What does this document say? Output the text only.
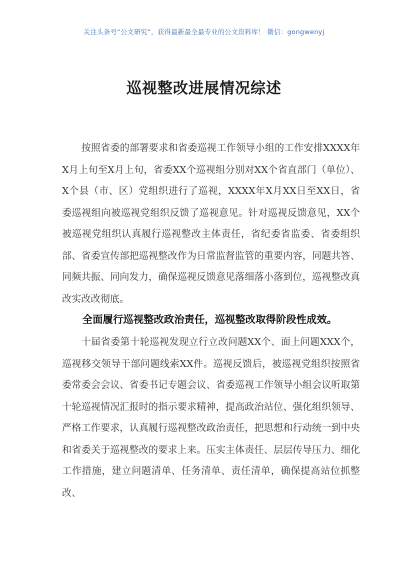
关注头条号“公文研究”，获得最新最全最专业的公文资料库！ 微信：gongwenyj
巡视整改进展情况综述

按照省委的部署要求和省委巡视工作领导小组的工作安排XXXX年X月上旬至X月上旬，省委XX个巡视组分别对XX个省直部门（单位）、X个县（市、区）党组织进行了巡视，XXXX年X月XX日至XX日，省委巡视组向被巡视党组织反馈了巡视意见。针对巡视反馈意见，XX个被巡视党组织认真履行巡视整改主体责任，省纪委省监委、省委组织部、省委宣传部把巡视整改作为日常监督监管的重要内容，同题共答、同频共振、同向发力，确保巡视反馈意见落细落小落到位，巡视整改真改实改改彻底。

全面履行巡视整改政治责任，巡视整改取得阶段性成效。

十届省委第十轮巡视发现立行立改问题XX个、面上问题XXX个，巡视移交领导干部问题线索XX件。巡视反馈后，被巡视党组织按照省委常委会会议、省委书记专题会议、省委巡视工作领导小组会议听取第十轮巡视情况汇报时的指示要求精神，提高政治站位、强化组织领导、严格工作要求，认真履行巡视整改政治责任，把思想和行动统一到中央和省委关于巡视整改的要求上来。压实主体责任、层层传导压力、细化工作措施，建立问题清单、任务清单、责任清单，确保提高站位抓整改、
